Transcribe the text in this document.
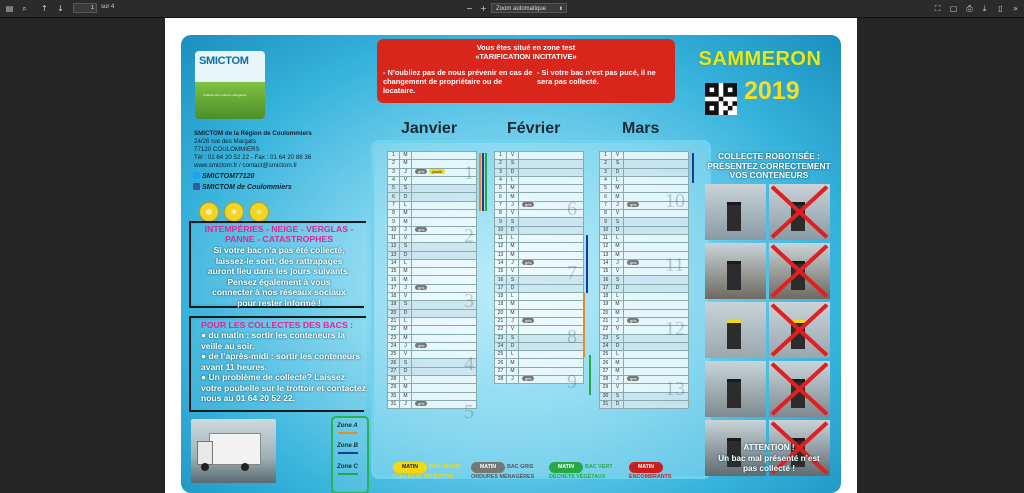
▤	⌕	↑ ↓
1	sur 4	− +	Zoom automatique	⬍	⛶	▢ ⎙	⤓	▯	»
SMICTOM
Collecte des ordures ménagères
SMICTOM de la Région de Coulommiers
24/26 rue des Margats
77120 COULOMMIERS
Tél : 01 64 20 52 22 - Fax : 01 64 20 88 36
www.smictom.fr / contact@smictom.fr
SMICTOM77120
SMICTOM de Coulommiers
❄	☀	✧
INTEMPÉRIES - NEIGE - VERGLAS -
PANNE - CATASTROPHES
Si votre bac n’a pas été collecté, laissez-le sorti, des rattrapages auront lieu dans les jours suivants. Pensez également à vous connecter à nos réseaux sociaux pour rester informé !
POUR LES COLLECTES DES BACS :
● du matin : sortir les conteneurs la veille au soir.
● de l’après-midi : sortir les conteneurs avant 11 heures.
● Un problème de collecte? Laissez votre poubelle sur le trottoir et contactez nous au 01 64 20 52 22.
Zone A
Zone B
Zone C
Vous êtes situé en zone test
«TARIFICATION INCITATIVE»
- N’oubliez pas de nous prévenir en cas de changement de propriétaire ou de locataire.
- Si votre bac n’est pas pucé, il ne sera pas collecté.
SAMMERON
2019
Janvier	Février	Mars
1	M	
2	M	
3	J	gris jaune
4	V	
5	S	
6	D	
7	L	
8	M	
9	M	
10	J	gris
11	V	
12	S	
13	D	
14	L	
15	M	
16	M	
17	J	gris
18	V	
19	S	
20	D	
21	L	
22	M	
23	M	
24	J	gris
25	V	
26	S	
27	D	
28	L	
29	M	
30	M	
31	J	gris
1	V	
2	S	
3	D	
4	L	
5	M	
6	M	
7	J	gris
8	V	
9	S	
10	D	
11	L	
12	M	
13	M	
14	J	gris
15	V	
16	S	
17	D	
18	L	
19	M	
20	M	
21	J	gris
22	V	
23	S	
24	D	
25	L	
26	M	
27	M	
28	J	gris
1	V	
2	S	
3	D	
4	L	
5	M	
6	M	
7	J	gris
8	V	
9	S	
10	D	
11	L	
12	M	
13	M	
14	J	gris
15	V	
16	S	
17	D	
18	L	
19	M	
20	M	
21	J	gris
22	V	
23	S	
24	D	
25	L	
26	M	
27	M	
28	J	gris
29	V	
30	S	
31	D	
1
2
3
4
5
6
7
8
9
10
11
12
13
MATIN	BAC JAUNE
COLLECTE SÉLECTIVE
MATIN	BAC GRIS
ORDURES MÉNAGÈRES
MATIN	BAC VERT
DÉCHETS VÉGÉTAUX
MATIN
ENCOMBRANTS
COLLECTE ROBOTISÉE :
PRÉSENTEZ CORRECTEMENT
VOS CONTENEURS
ATTENTION !
Un bac mal présenté n’est
pas collecté !
